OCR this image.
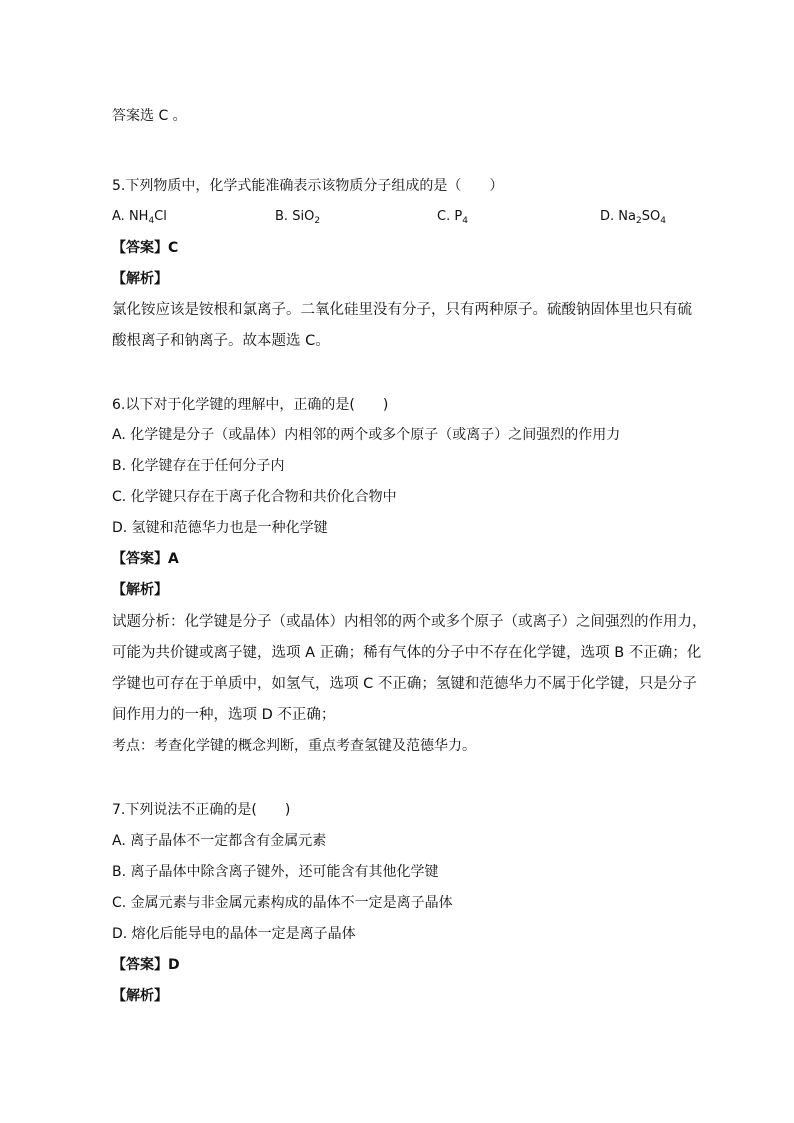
答案选 C 。
5.下列物质中，化学式能准确表示该物质分子组成的是（　　）
A. $NH_4Cl$	B. SiO$_2$	C. $P_4$	D. $Na_2SO_4$
【答案】C
【解析】
氯化铵应该是铵根和氯离子。二氧化硅里没有分子，只有两种原子。硫酸钠固体里也只有硫
酸根离子和钠离子。故本题选 C。
6.以下对于化学键的理解中，正确的是(　　)
A. 化学键是分子（或晶体）内相邻的两个或多个原子（或离子）之间强烈的作用力
B. 化学键存在于任何分子内
C. 化学键只存在于离子化合物和共价化合物中
D. 氢键和范德华力也是一种化学键
【答案】A
【解析】
试题分析：化学键是分子（或晶体）内相邻的两个或多个原子（或离子）之间强烈的作用力，
可能为共价键或离子键，选项 A 正确；稀有气体的分子中不存在化学键，选项 B 不正确；化
学键也可存在于单质中，如氢气，选项 C 不正确；氢键和范德华力不属于化学键，只是分子
间作用力的一种，选项 D 不正确；
考点：考查化学键的概念判断，重点考查氢键及范德华力。
7.下列说法不正确的是(　　)
A. 离子晶体不一定都含有金属元素
B. 离子晶体中除含离子键外，还可能含有其他化学键
C. 金属元素与非金属元素构成的晶体不一定是离子晶体
D. 熔化后能导电的晶体一定是离子晶体
【答案】D
【解析】
